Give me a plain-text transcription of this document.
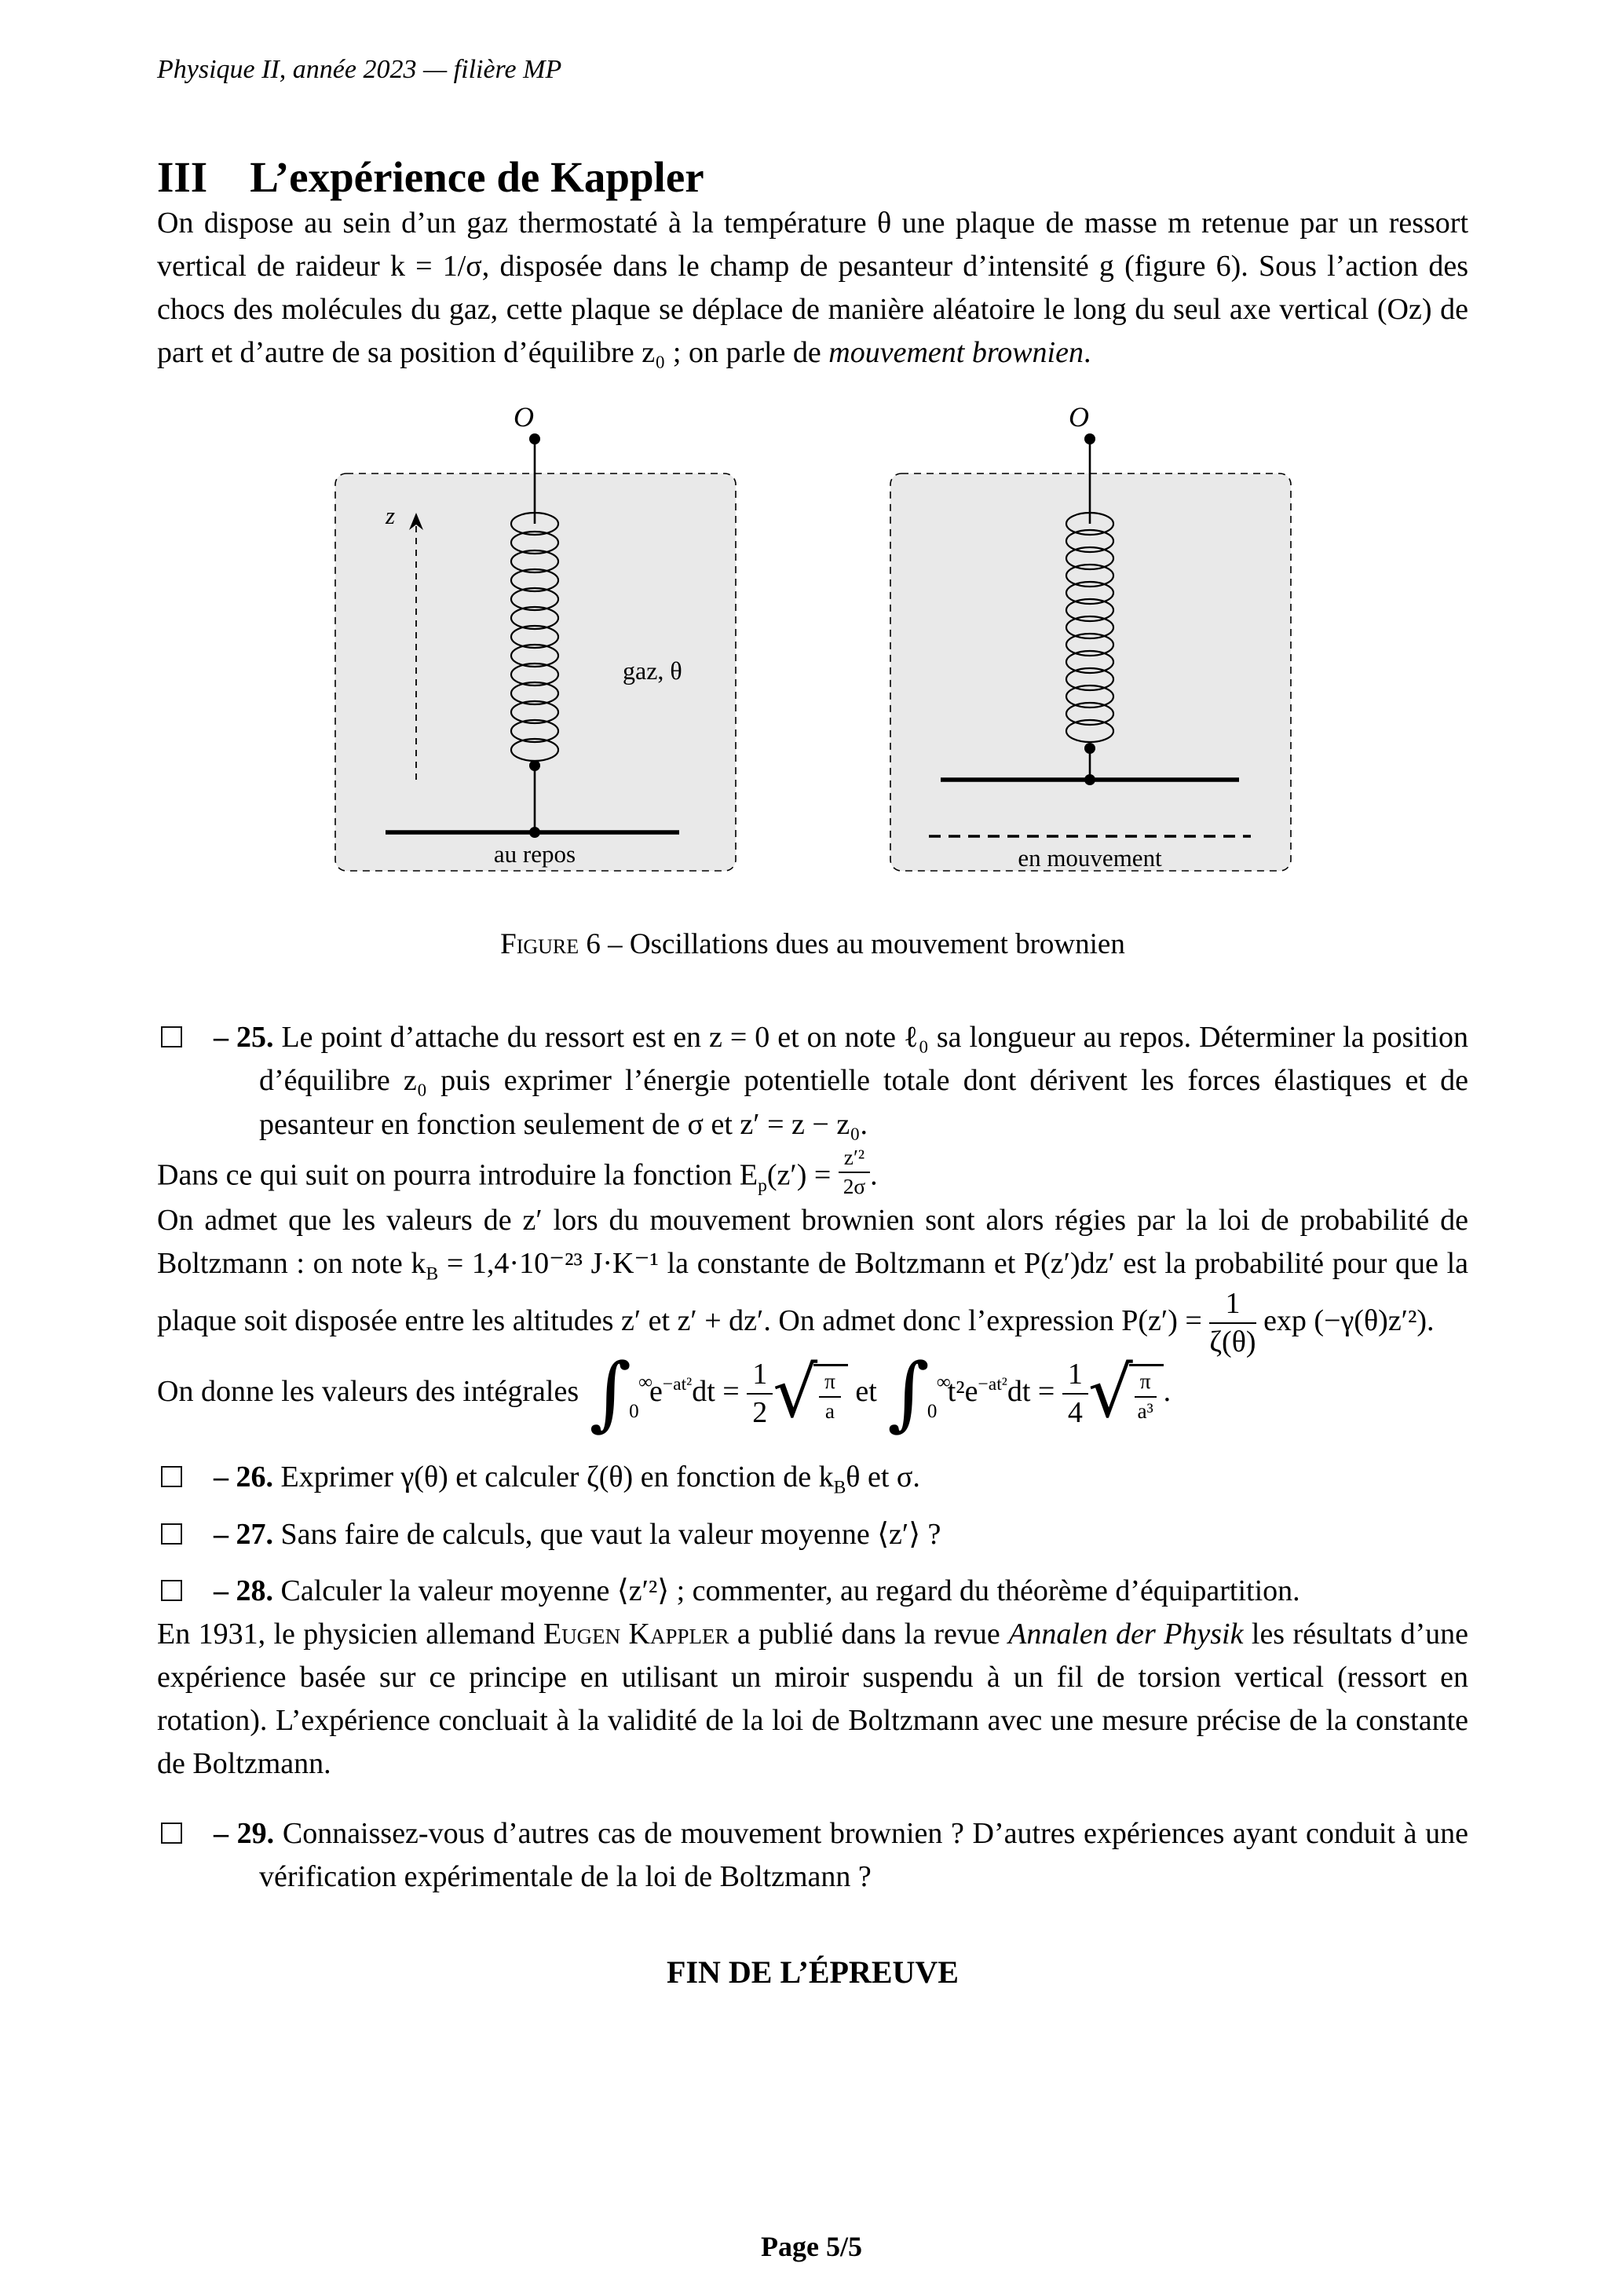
Physique II, année 2023 — filière MP

III L’expérience de Kappler

On dispose au sein d’un gaz thermostaté à la température θ une plaque de masse m retenue par un ressort vertical de raideur k = 1/σ, disposée dans le champ de pesanteur d’intensité g (figure 6). Sous l’action des chocs des molécules du gaz, cette plaque se déplace de manière aléatoire le long du seul axe vertical (Oz) de part et d’autre de sa position d’équilibre z₀ ; on parle de mouvement brownien.

O
z
gaz, θ
au repos
O
en mouvement

Figure 6 – Oscillations dues au mouvement brownien

– 25. Le point d’attache du ressort est en z = 0 et on note ℓ₀ sa longueur au repos. Déterminer la position d’équilibre z₀ puis exprimer l’énergie potentielle totale dont dérivent les forces élastiques et de pesanteur en fonction seulement de σ et z′ = z − z₀.

Dans ce qui suit on pourra introduire la fonction $E_p(z') = \frac{\text{z′²}}{2\sigma}$ .

On admet que les valeurs de z′ lors du mouvement brownien sont alors régies par la loi de probabilité de Boltzmann : on note $k_B = 1,4\cdot 10^{-23}$ J·K⁻¹ la constante de Boltzmann et P(z′)dz′ est la probabilité pour que la plaque soit disposée entre les altitudes z′ et z′ + dz′. On admet donc l’expression $P(z') = \frac{1}{\zeta(\theta)}$ exp (−γ(θ)z′²).

On donne les valeurs des intégrales ∫ ∞
0
$e^{-at^2}dt = \frac{1}{2}$ √ $\frac{\pi}{a}$ et ∫ ∞
0
$t^2e^{-at^2}dt = \frac{1}{4}$ √ $\frac{\pi}{\text{a³}}$ .

– 26. Exprimer γ(θ) et calculer ζ(θ) en fonction de $k_B\theta$ et σ.

– 27. Sans faire de calculs, que vaut la valeur moyenne ⟨z′⟩ ?

– 28. Calculer la valeur moyenne ⟨z′²⟩ ; commenter, au regard du théorème d’équipartition.

En 1931, le physicien allemand Eugen Kappler a publié dans la revue Annalen der Physik les résultats d’une expérience basée sur ce principe en utilisant un miroir suspendu à un fil de torsion vertical (ressort en rotation). L’expérience concluait à la validité de la loi de Boltzmann avec une mesure précise de la constante de Boltzmann.

– 29. Connaissez-vous d’autres cas de mouvement brownien ? D’autres expériences ayant conduit à une vérification expérimentale de la loi de Boltzmann ?

FIN DE L’ÉPREUVE

Page 5/5
